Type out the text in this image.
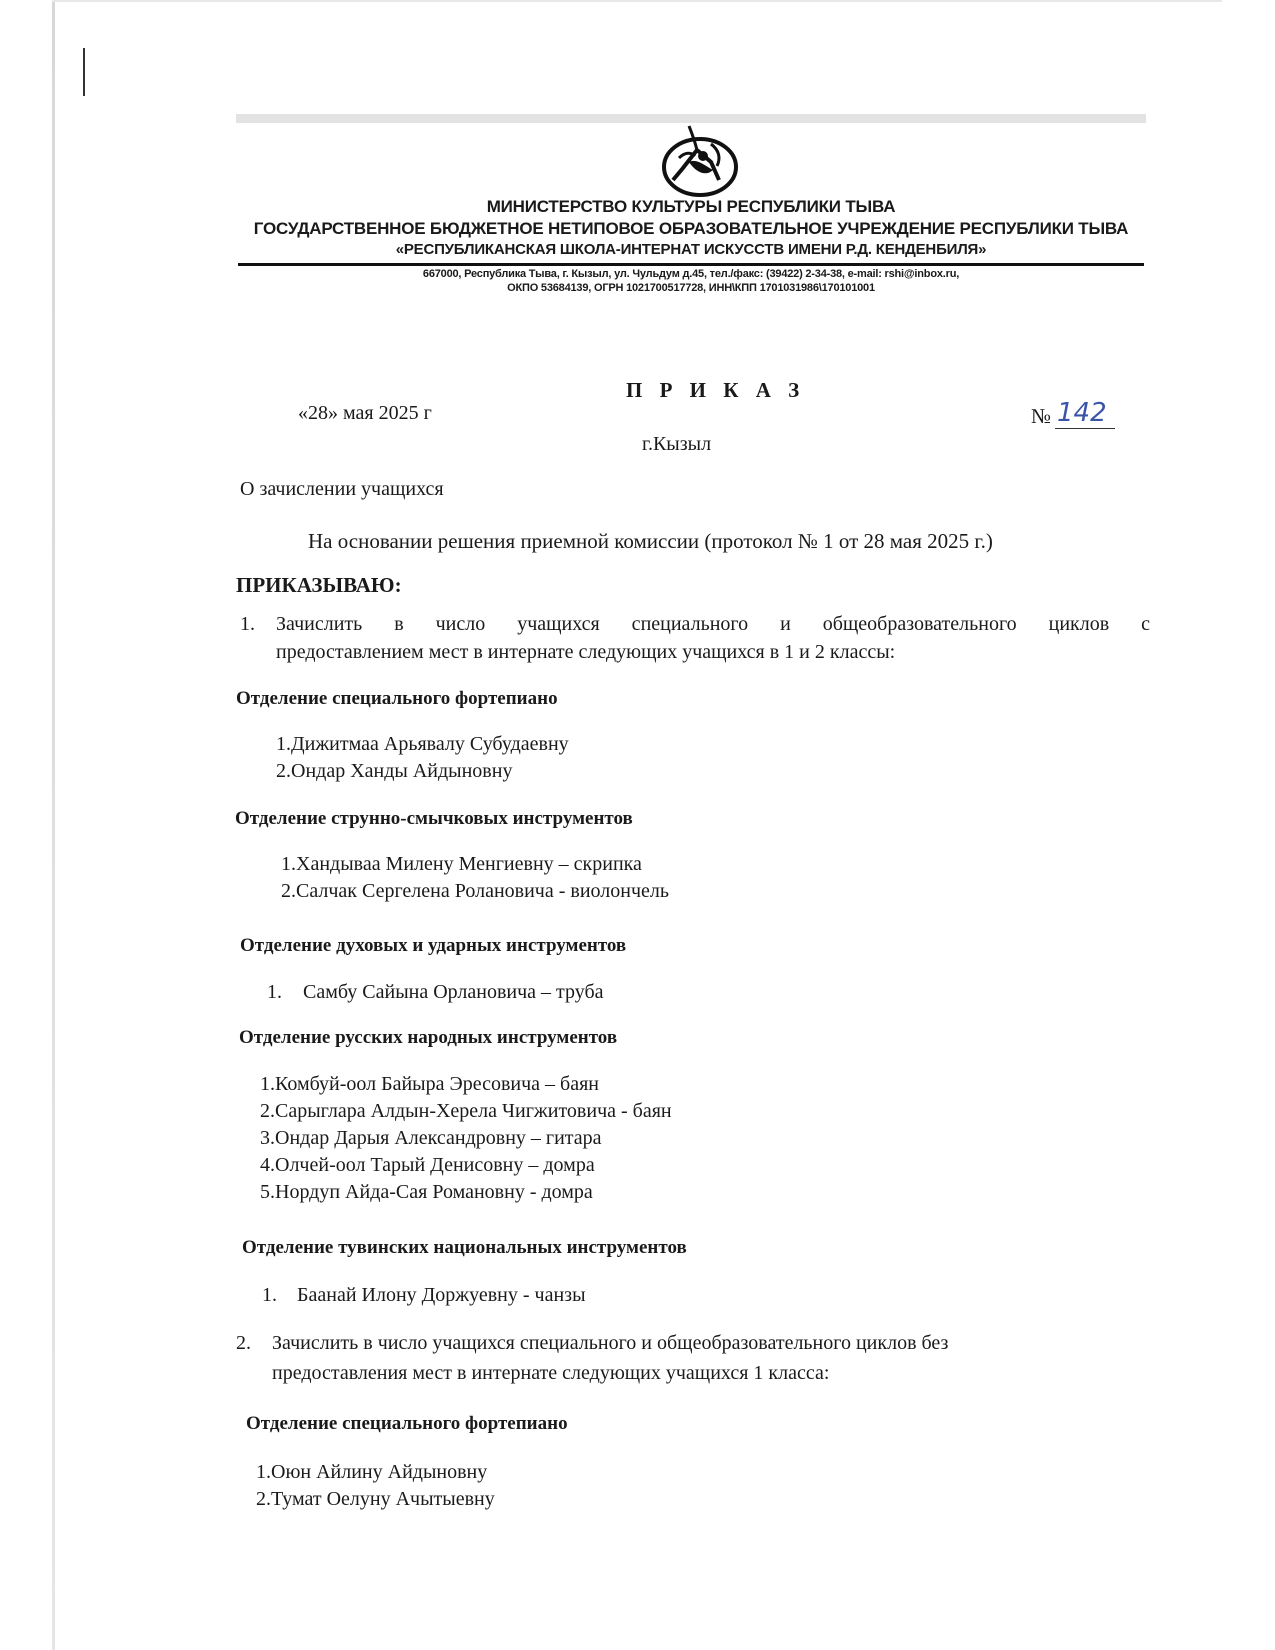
МИНИСТЕРСТВО КУЛЬТУРЫ РЕСПУБЛИКИ ТЫВА
ГОСУДАРСТВЕННОЕ БЮДЖЕТНОЕ НЕТИПОВОЕ ОБРАЗОВАТЕЛЬНОЕ УЧРЕЖДЕНИЕ РЕСПУБЛИКИ ТЫВА
«РЕСПУБЛИКАНСКАЯ ШКОЛА-ИНТЕРНАТ ИСКУССТВ ИМЕНИ Р.Д. КЕНДЕНБИЛЯ»
667000, Республика Тыва, г. Кызыл, ул. Чульдум д.45, тел./факс: (39422) 2-34-38, e-mail: rshi@inbox.ru,
ОКПО 53684139, ОГРН 1021700517728, ИНН\КПП 1701031986\170101001
П Р И К А З
«28» мая 2025 г	№ 142
г.Кызыл
О зачислении учащихся
На основании решения приемной комиссии (протокол № 1 от 28 мая 2025 г.)
ПРИКАЗЫВАЮ:
1. Зачислить в число учащихся специального и общеобразовательного циклов с
предоставлением мест в интернате следующих учащихся в 1 и 2 классы:
Отделение специального фортепиано
1.Дижитмаа Арьявалу Субудаевну
2.Ондар Ханды Айдыновну
Отделение струнно-смычковых инструментов
1.Хандываа Милену Менгиевну – скрипка
2.Салчак Сергелена Ролановича - виолончель
Отделение духовых и ударных инструментов
1. Самбу Сайына Орлановича – труба
Отделение русских народных инструментов
1.Комбуй-оол Байыра Эресовича – баян
2.Сарыглара Алдын-Херела Чигжитовича - баян
3.Ондар Дарыя Александровну – гитара
4.Олчей-оол Тарый Денисовну – домра
5.Нордуп Айда-Сая Романовну - домра
Отделение тувинских национальных инструментов
1. Баанай Илону Доржуевну - чанзы
2. Зачислить в число учащихся специального и общеобразовательного циклов без
предоставления мест в интернате следующих учащихся 1 класса:
Отделение специального фортепиано
1.Оюн Айлину Айдыновну
2.Тумат Оелуну Ачытыевну
